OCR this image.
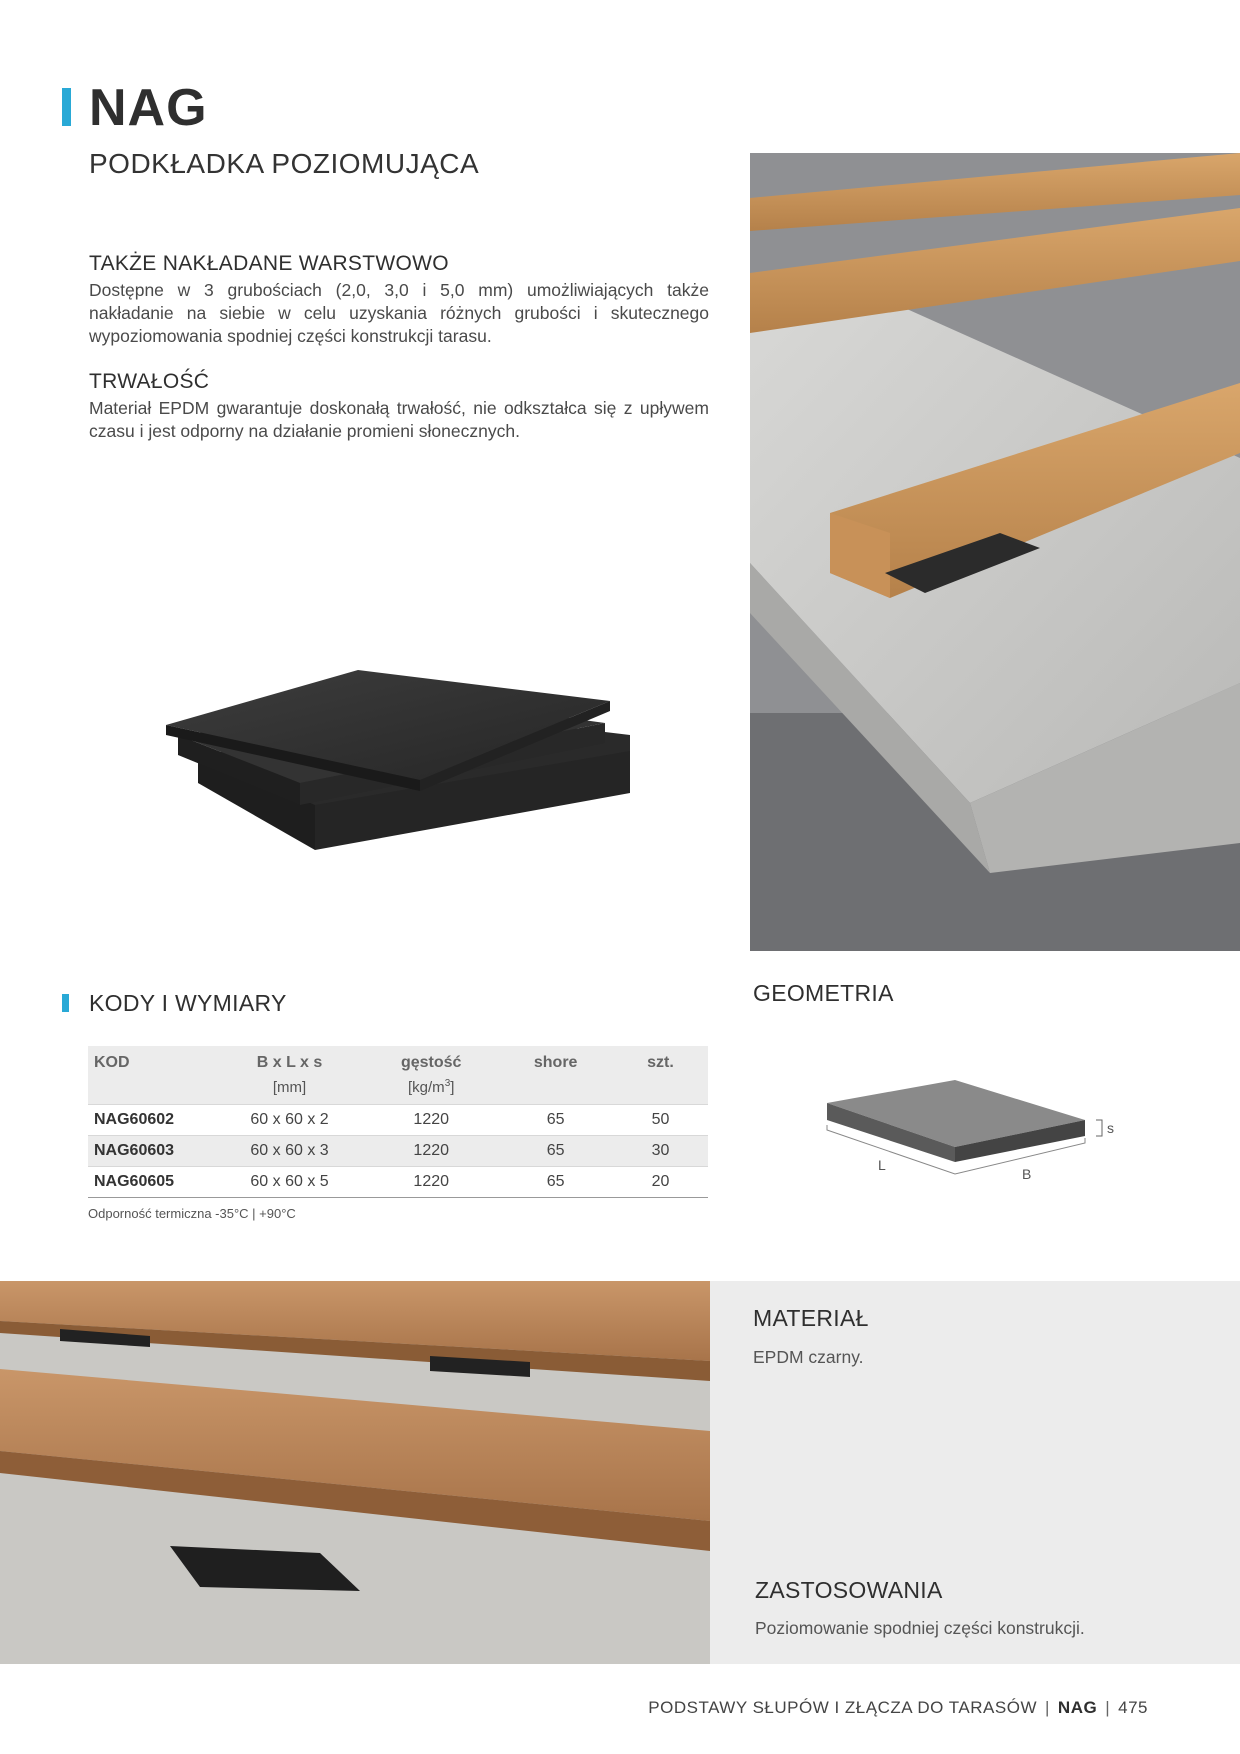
NAG
PODKŁADKA POZIOMUJĄCA
TAKŻE NAKŁADANE WARSTWOWO
Dostępne w 3 grubościach (2,0, 3,0 i 5,0 mm) umożliwiających także nakładanie na siebie w celu uzyskania różnych grubości i skutecznego wypoziomowania spodniej części konstrukcji tarasu.
TRWAŁOŚĆ
Materiał EPDM gwarantuje doskonałą trwałość, nie odkształca się z upływem czasu i jest odporny na działanie promieni słonecznych.
KODY I WYMIARY
KOD	B x L x s	gęstość	shore	szt.
	[mm]	$[kg/m^3]$		
NAG60602	60 x 60 x 2	1220	65	50
NAG60603	60 x 60 x 3	1220	65	30
NAG60605	60 x 60 x 5	1220	65	20
Odporność termiczna -35°C | +90°C
GEOMETRIA
L
B
s
MATERIAŁ
EPDM czarny.
ZASTOSOWANIA
Poziomowanie spodniej części konstrukcji.
PODSTAWY SŁUPÓW I ZŁĄCZA DO TARASÓW | NAG | 475
